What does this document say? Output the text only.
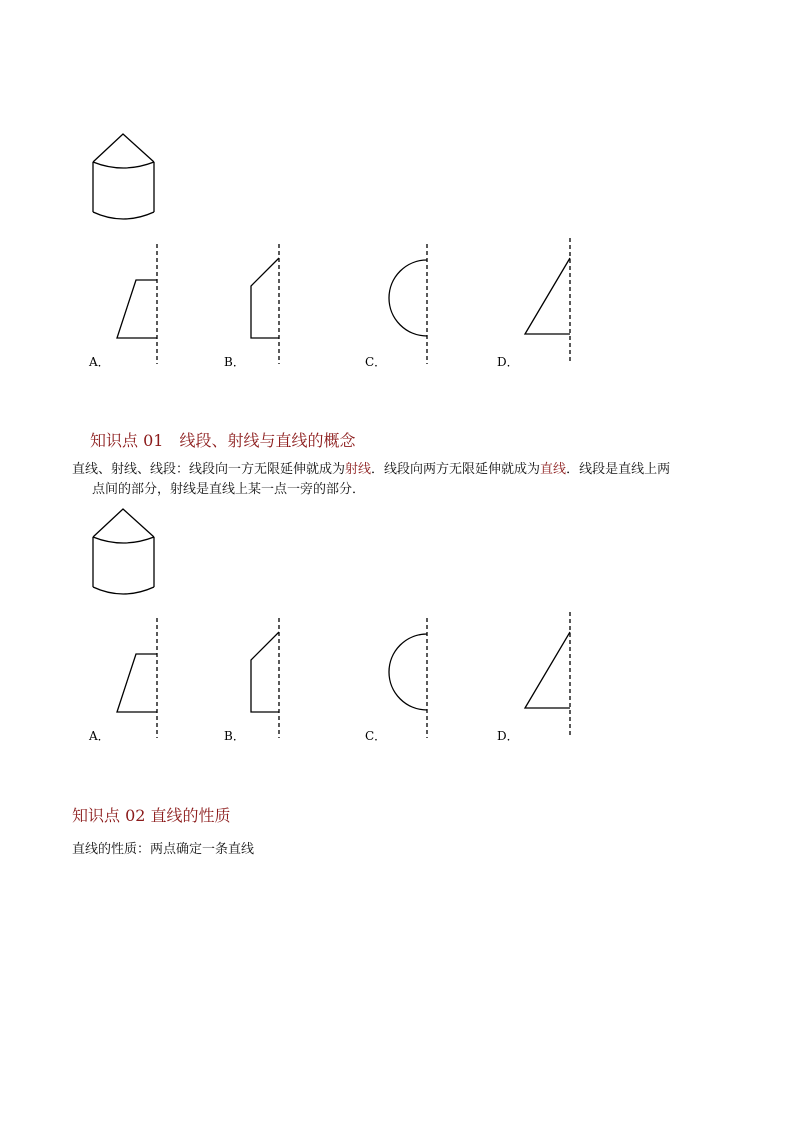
A．	B．	C．	D．
知识点 01　线段、射线与直线的概念
直线、射线、线段：线段向一方无限延伸就成为射线．线段向两方无限延伸就成为直线．线段是直线上两
点间的部分，射线是直线上某一点一旁的部分．
A．	B．	C．	D．
知识点 02 直线的性质
直线的性质：两点确定一条直线
